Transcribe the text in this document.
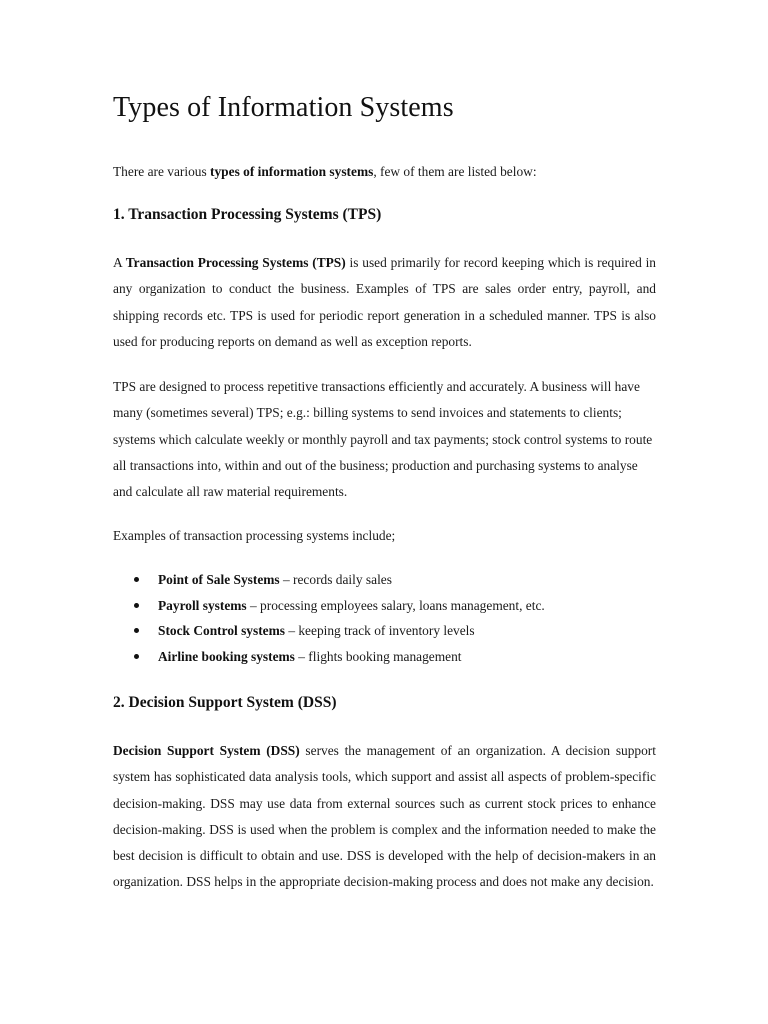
Types of Information Systems

There are various types of information systems, few of them are listed below:

1. Transaction Processing Systems (TPS)

A Transaction Processing Systems (TPS) is used primarily for record keeping which is required in any organization to conduct the business. Examples of TPS are sales order entry, payroll, and shipping records etc. TPS is used for periodic report generation in a scheduled manner. TPS is also used for producing reports on demand as well as exception reports.

TPS are designed to process repetitive transactions efficiently and accurately. A business will have many (sometimes several) TPS; e.g.: billing systems to send invoices and statements to clients; systems which calculate weekly or monthly payroll and tax payments; stock control systems to route all transactions into, within and out of the business; production and purchasing systems to analyse and calculate all raw material requirements.

Examples of transaction processing systems include;

Point of Sale Systems – records daily sales
Payroll systems – processing employees salary, loans management, etc.
Stock Control systems – keeping track of inventory levels
Airline booking systems – flights booking management
2. Decision Support System (DSS)

Decision Support System (DSS) serves the management of an organization. A decision support system has sophisticated data analysis tools, which support and assist all aspects of problem-specific decision-making. DSS may use data from external sources such as current stock prices to enhance decision-making. DSS is used when the problem is complex and the information needed to make the best decision is difficult to obtain and use. DSS is developed with the help of decision-makers in an organization. DSS helps in the appropriate decision-making process and does not make any decision.
